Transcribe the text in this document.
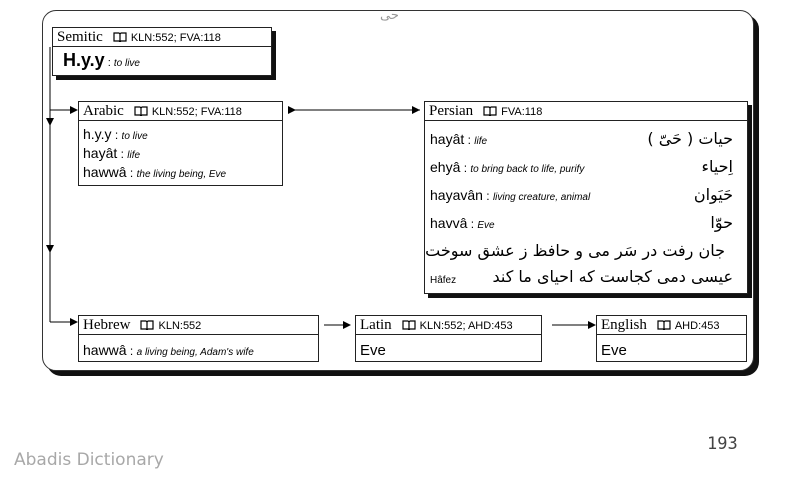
حی
Semitic	KLN:552; FVA:118
H.y.y : to live
Arabic	KLN:552; FVA:118
h.y.y : to live
hayât : life
hawwâ : the living being, Eve
Persian	FVA:118
hayât : life	حیات ( حَیّ )
ehyâ : to bring back to life, purify	اِحیاء
hayavân : living creature, animal	حَیَوان
havvâ : Eve	حوّا
جان رفت در سَر می و حافظ ز عشق سوخت
Hâfez عیسی دمی کجاست که احیای ما کند
Hebrew	KLN:552
hawwâ : a living being, Adam's wife
Latin	KLN:552; AHD:453
Eve
English	AHD:453
Eve
193
Abadis Dictionary
